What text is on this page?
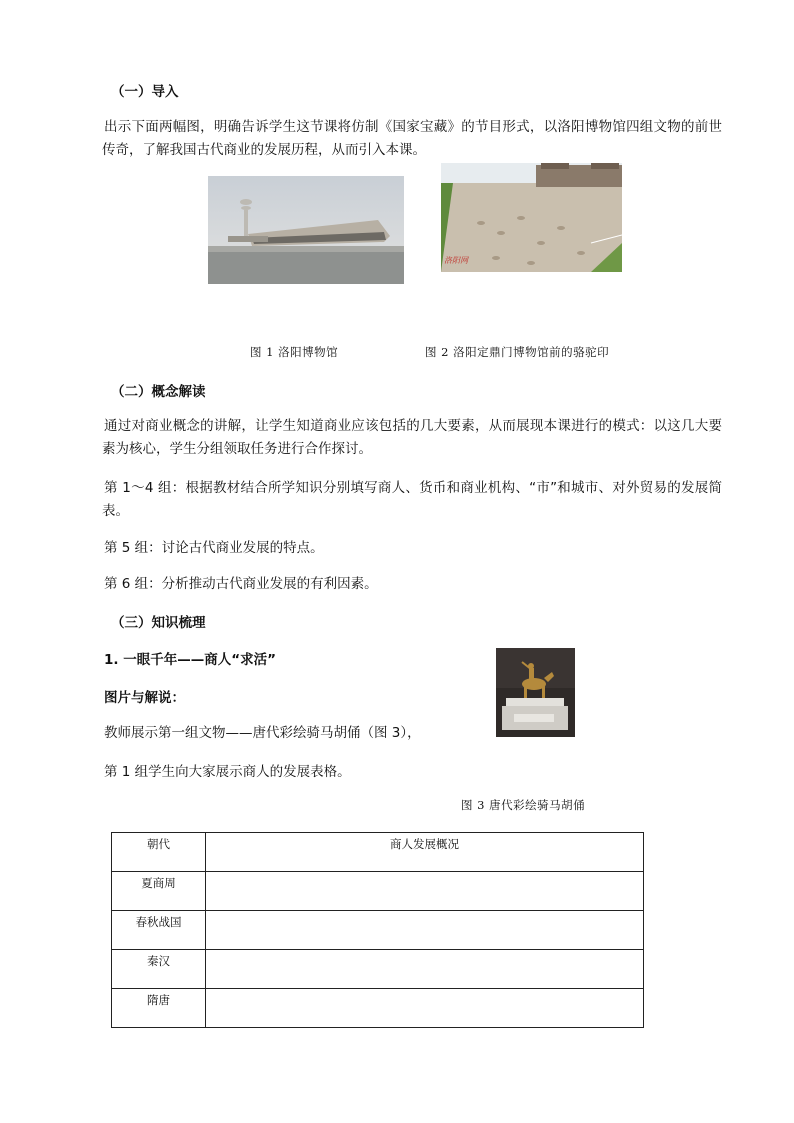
（一）导入
出示下面两幅图，明确告诉学生这节课将仿制《国家宝藏》的节目形式，以洛阳博物馆四组文物的前世传奇，了解我国古代商业的发展历程，从而引入本课。
洛阳网
图 1 洛阳博物馆	图 2 洛阳定鼎门博物馆前的骆驼印
（二）概念解读
通过对商业概念的讲解，让学生知道商业应该包括的几大要素，从而展现本课进行的模式：以这几大要素为核心，学生分组领取任务进行合作探讨。
第 1～4 组：根据教材结合所学知识分别填写商人、货币和商业机构、“市”和城市、对外贸易的发展简表。
第 5 组：讨论古代商业发展的特点。
第 6 组：分析推动古代商业发展的有利因素。
（三）知识梳理
1. 一眼千年——商人“求活”
图片与解说：
教师展示第一组文物——唐代彩绘骑马胡俑（图 3），
第 1 组学生向大家展示商人的发展表格。
图 3 唐代彩绘骑马胡俑
朝代	商人发展概况
夏商周	
春秋战国	
秦汉	
隋唐	
